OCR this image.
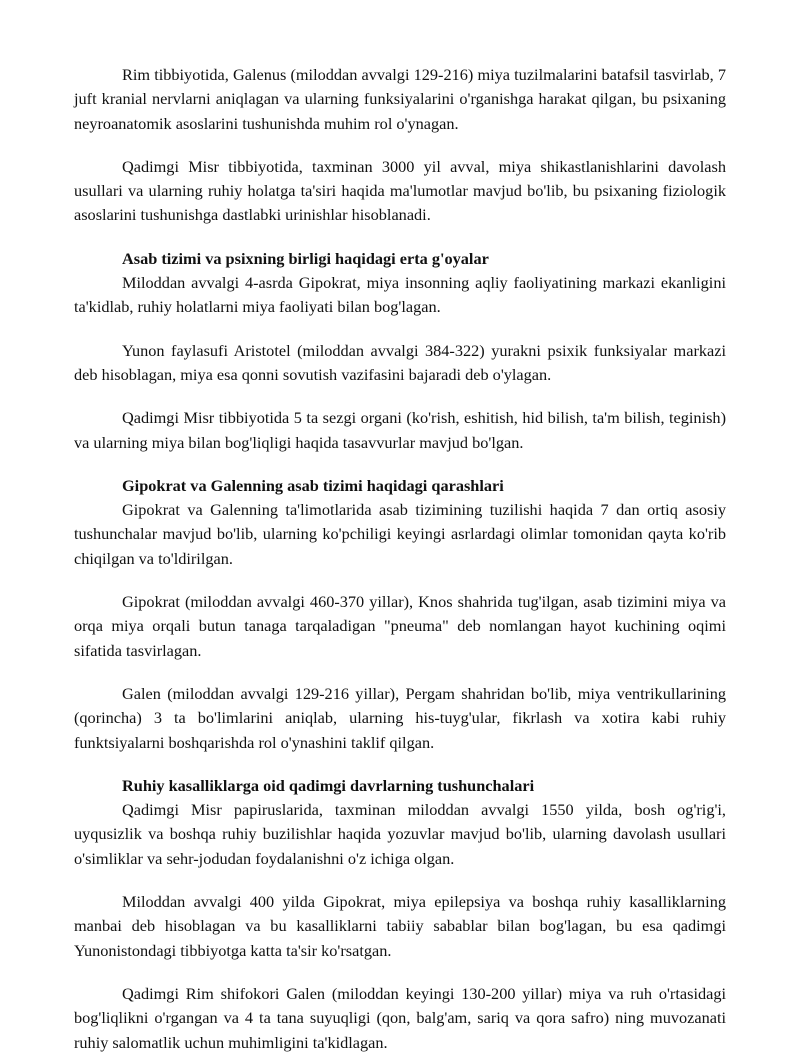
Rim tibbiyotida, Galenus (miloddan avvalgi 129-216) miya tuzilmalarini batafsil tasvirlab, 7 juft kranial nervlarni aniqlagan va ularning funksiyalarini o'rganishga harakat qilgan, bu psixaning neyroanatomik asoslarini tushunishda muhim rol o'ynagan.

Qadimgi Misr tibbiyotida, taxminan 3000 yil avval, miya shikastlanishlarini davolash usullari va ularning ruhiy holatga ta'siri haqida ma'lumotlar mavjud bo'lib, bu psixaning fiziologik asoslarini tushunishga dastlabki urinishlar hisoblanadi.

Asab tizimi va psixning birligi haqidagi erta g'oyalar

Miloddan avvalgi 4-asrda Gipokrat, miya insonning aqliy faoliyatining markazi ekanligini ta'kidlab, ruhiy holatlarni miya faoliyati bilan bog'lagan.

Yunon faylasufi Aristotel (miloddan avvalgi 384-322) yurakni psixik funksiyalar markazi deb hisoblagan, miya esa qonni sovutish vazifasini bajaradi deb o'ylagan.

Qadimgi Misr tibbiyotida 5 ta sezgi organi (ko'rish, eshitish, hid bilish, ta'm bilish, teginish) va ularning miya bilan bog'liqligi haqida tasavvurlar mavjud bo'lgan.

Gipokrat va Galenning asab tizimi haqidagi qarashlari

Gipokrat va Galenning ta'limotlarida asab tizimining tuzilishi haqida 7 dan ortiq asosiy tushunchalar mavjud bo'lib, ularning ko'pchiligi keyingi asrlardagi olimlar tomonidan qayta ko'rib chiqilgan va to'ldirilgan.

Gipokrat (miloddan avvalgi 460-370 yillar), Knos shahrida tug'ilgan, asab tizimini miya va orqa miya orqali butun tanaga tarqaladigan "pneuma" deb nomlangan hayot kuchining oqimi sifatida tasvirlagan.

Galen (miloddan avvalgi 129-216 yillar), Pergam shahridan bo'lib, miya ventrikullarining (qorincha) 3 ta bo'limlarini aniqlab, ularning his-tuyg'ular, fikrlash va xotira kabi ruhiy funktsiyalarni boshqarishda rol o'ynashini taklif qilgan.

Ruhiy kasalliklarga oid qadimgi davrlarning tushunchalari

Qadimgi Misr papiruslarida, taxminan miloddan avvalgi 1550 yilda, bosh og'rig'i, uyqusizlik va boshqa ruhiy buzilishlar haqida yozuvlar mavjud bo'lib, ularning davolash usullari o'simliklar va sehr-jodudan foydalanishni o'z ichiga olgan.

Miloddan avvalgi 400 yilda Gipokrat, miya epilepsiya va boshqa ruhiy kasalliklarning manbai deb hisoblagan va bu kasalliklarni tabiiy sabablar bilan bog'lagan, bu esa qadimgi Yunonistondagi tibbiyotga katta ta'sir ko'rsatgan.

Qadimgi Rim shifokori Galen (miloddan keyingi 130-200 yillar) miya va ruh o'rtasidagi bog'liqlikni o'rgangan va 4 ta tana suyuqligi (qon, balg'am, sariq va qora safro) ning muvozanati ruhiy salomatlik uchun muhimligini ta'kidlagan.
